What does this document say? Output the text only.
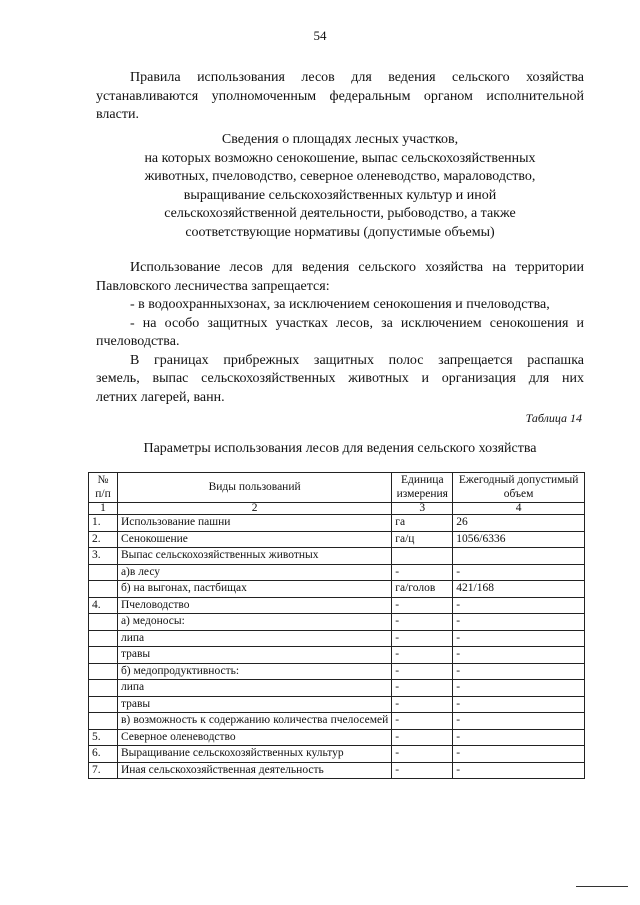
54
Правила использования лесов для ведения сельского хозяйства
устанавливаются уполномоченным федеральным органом исполнительной
власти.
Сведения о площадях лесных участков,
на которых возможно сенокошение, выпас сельскохозяйственных
животных, пчеловодство, северное оленеводство, мараловодство,
выращивание сельскохозяйственных культур и иной
сельскохозяйственной деятельности, рыбоводство, а также
соответствующие нормативы (допустимые объемы)
Использование лесов для ведения сельского хозяйства на территории
Павловского лесничества запрещается:
- в водоохранныхзонах, за исключением сенокошения и пчеловодства,
- на особо защитных участках лесов, за исключением сенокошения и
пчеловодства.
В границах прибрежных защитных полос запрещается распашка
земель, выпас сельскохозяйственных животных и организация для них
летних лагерей, ванн.
Таблица 14
Параметры использования лесов для ведения сельского хозяйства
№ п/п	Виды пользований	Единица измерения	Ежегодный допустимый объем
1	2	3	4
1.	Использование пашни	га	26
2.	Сенокошение	га/ц	1056/6336
3.	Выпас сельскохозяйственных животных		
	а)в лесу	-	-
	б) на выгонах, пастбищах	га/голов	421/168
4.	Пчеловодство	-	-
	а) медоносы:	-	-
	липа	-	-
	травы	-	-
	б) медопродуктивность:	-	-
	липа	-	-
	травы	-	-
	в) возможность к содержанию количества пчелосемей	-	-
5.	Северное оленеводство	-	-
6.	Выращивание сельскохозяйственных культур	-	-
7.	Иная сельскохозяйственная деятельность	-	-
